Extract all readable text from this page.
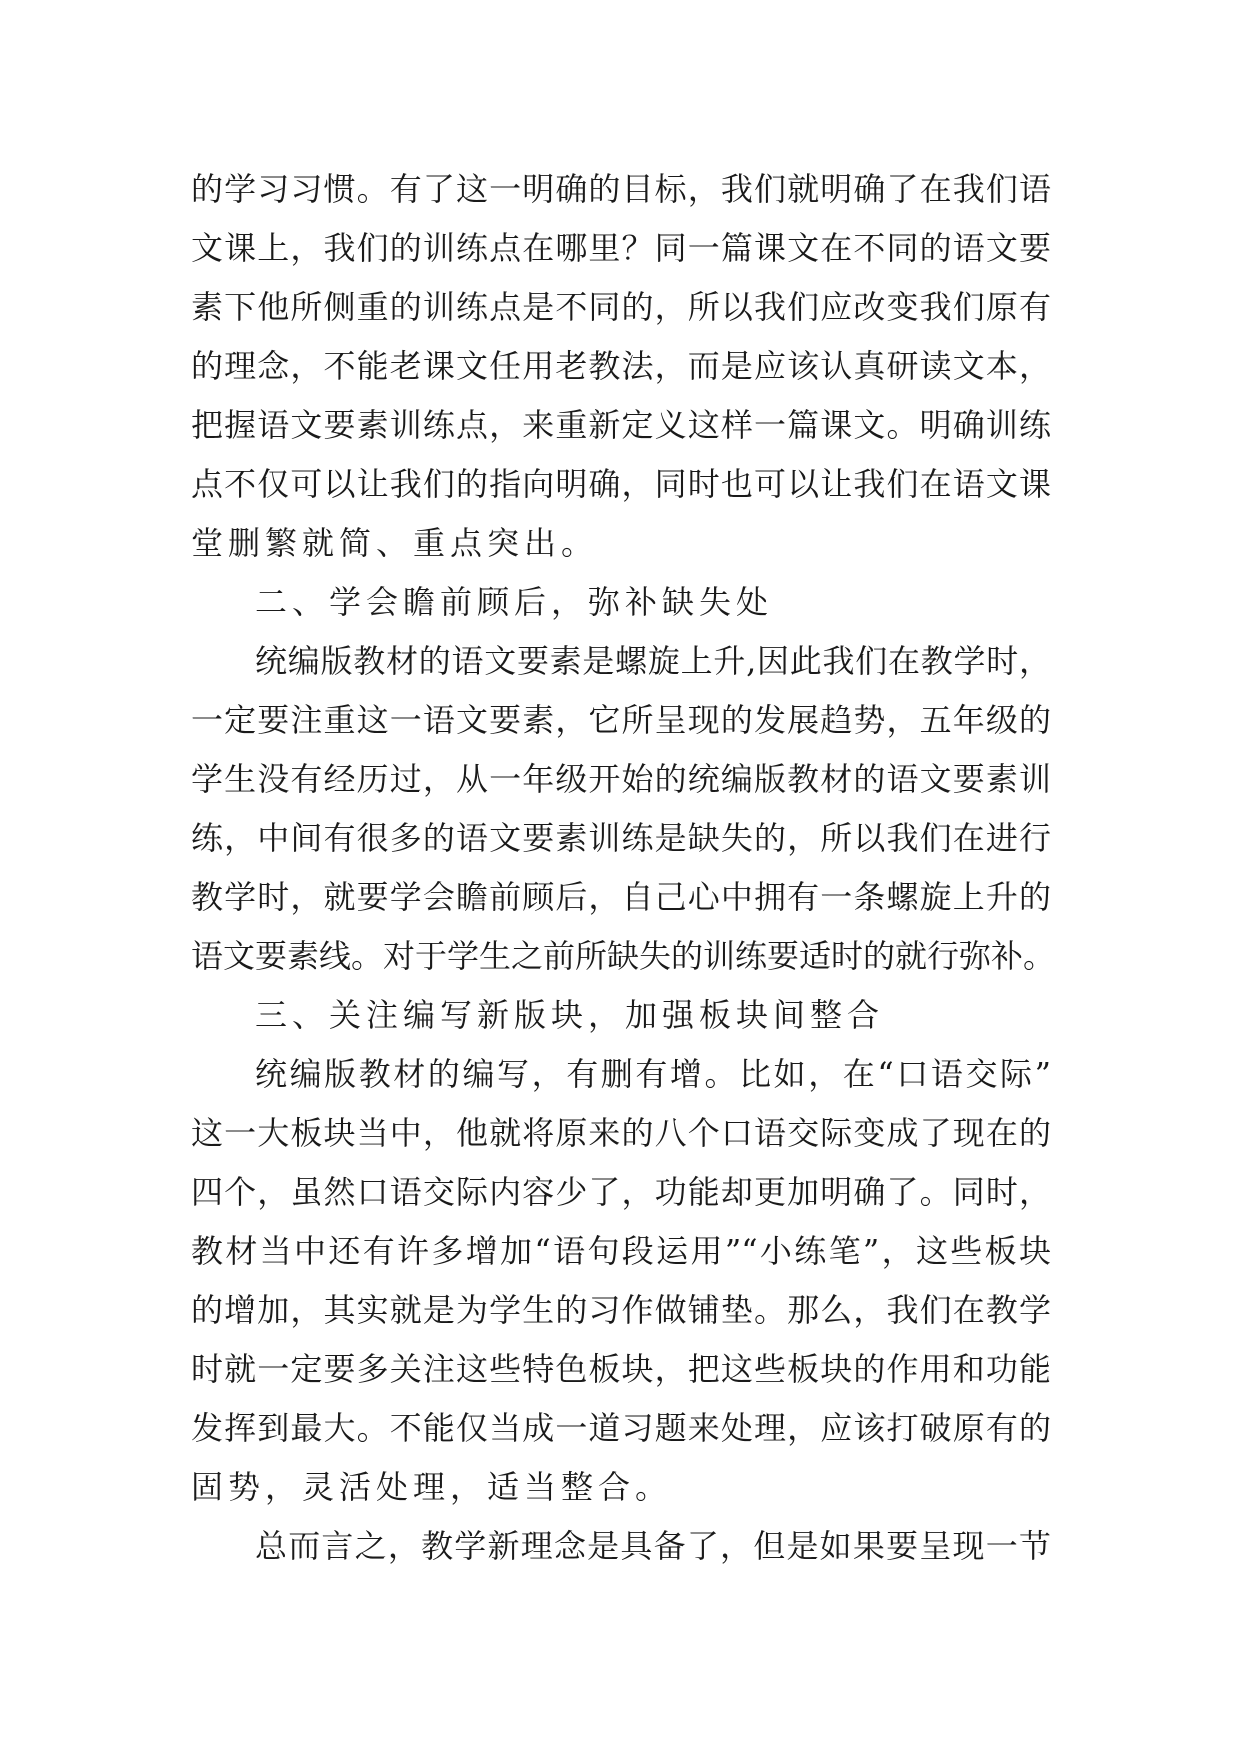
的学习习惯。有了这一明确的目标，我们就明确了在我们语
文课上，我们的训练点在哪里？同一篇课文在不同的语文要
素下他所侧重的训练点是不同的，所以我们应改变我们原有
的理念，不能老课文任用老教法，而是应该认真研读文本，
把握语文要素训练点，来重新定义这样一篇课文。明确训练
点不仅可以让我们的指向明确，同时也可以让我们在语文课
堂删繁就简、重点突出。
二、学会瞻前顾后，弥补缺失处
统编版教材的语文要素是螺旋上升,因此我们在教学时，
一定要注重这一语文要素，它所呈现的发展趋势，五年级的
学生没有经历过，从一年级开始的统编版教材的语文要素训
练，中间有很多的语文要素训练是缺失的，所以我们在进行
教学时，就要学会瞻前顾后，自己心中拥有一条螺旋上升的
语文要素线。对于学生之前所缺失的训练要适时的就行弥补。
三、关注编写新版块，加强板块间整合
统编版教材的编写，有删有增。比如，在“口语交际”
这一大板块当中，他就将原来的八个口语交际变成了现在的
四个，虽然口语交际内容少了，功能却更加明确了。同时，
教材当中还有许多增加“语句段运用”“小练笔”，这些板块
的增加，其实就是为学生的习作做铺垫。那么，我们在教学
时就一定要多关注这些特色板块，把这些板块的作用和功能
发挥到最大。不能仅当成一道习题来处理，应该打破原有的
固势，灵活处理，适当整合。
总而言之，教学新理念是具备了，但是如果要呈现一节
